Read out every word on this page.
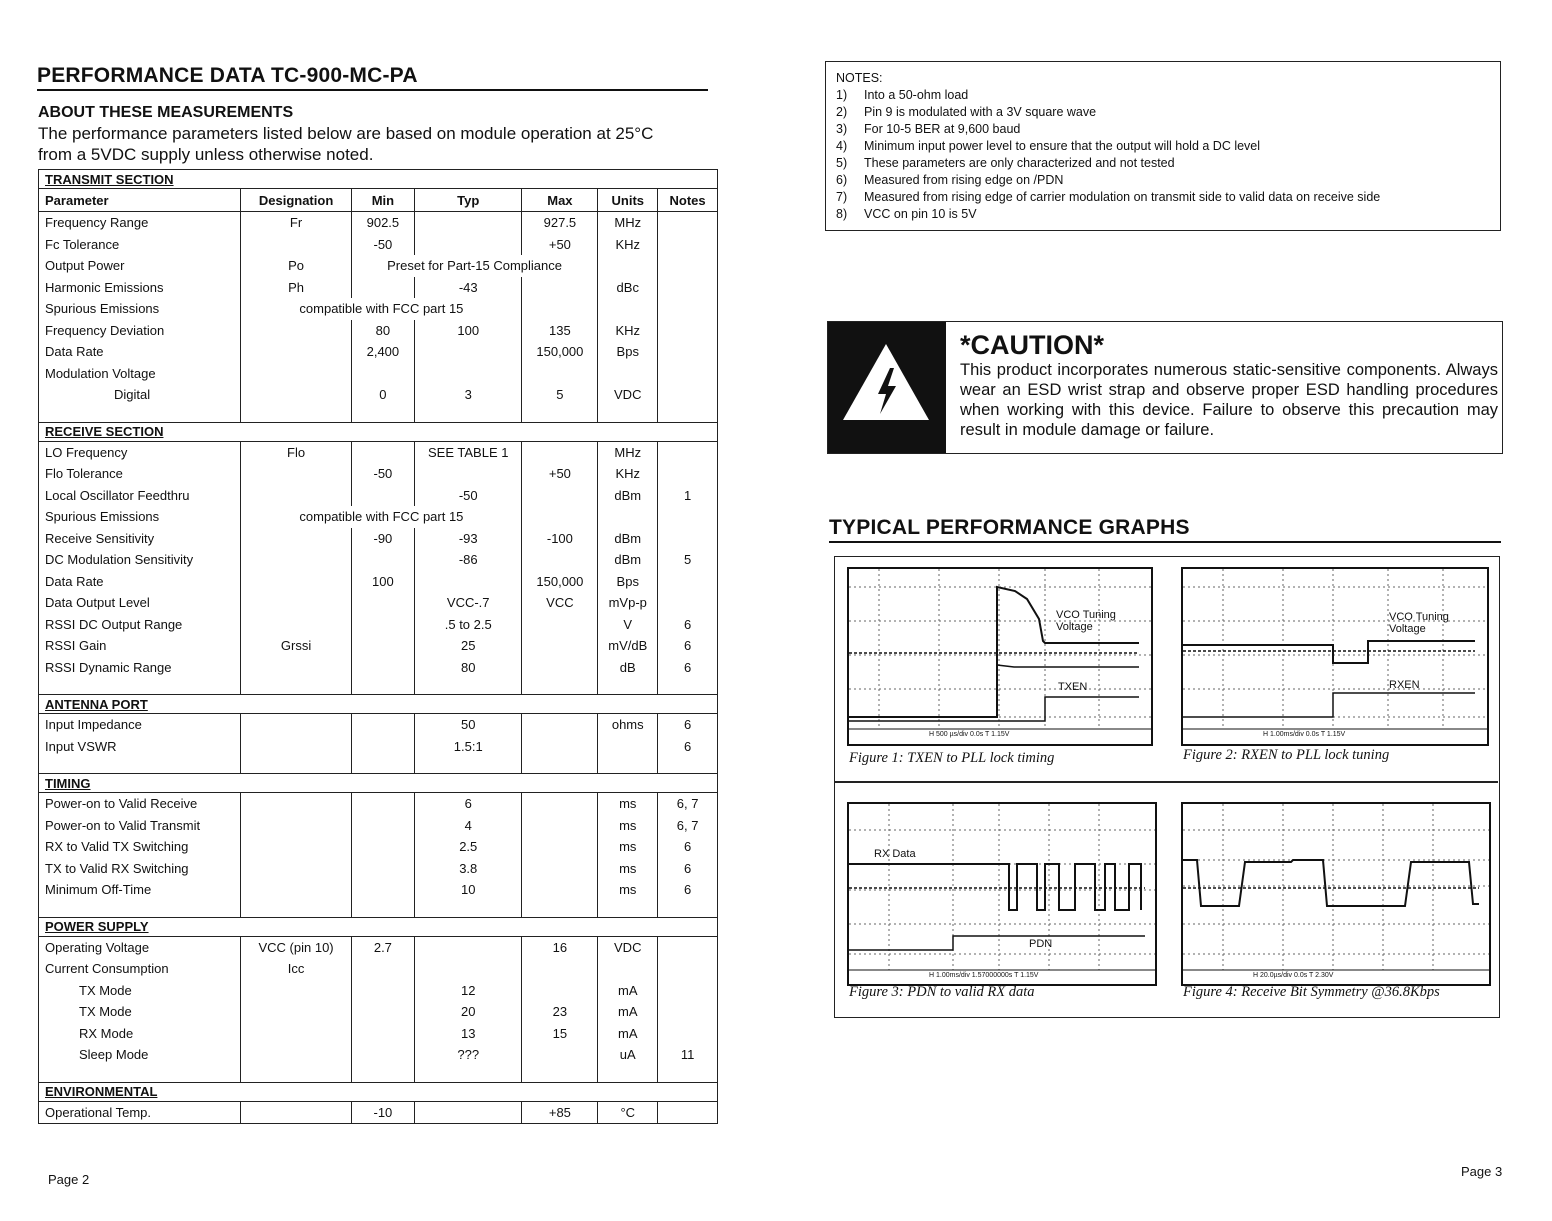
PERFORMANCE DATA TC-900-MC-PA
ABOUT THESE MEASUREMENTS
The performance parameters listed below are based on module operation at 25°C
from a 5VDC supply unless otherwise noted.
TRANSMIT SECTION						
Parameter	Designation	Min	Typ	Max	Units	Notes
Frequency Range	Fr	902.5		927.5	MHz	
Fc Tolerance		-50		+50	KHz	
Output Power	Po	Preset for Part-15 Compliance				
Harmonic Emissions	Ph		-43		dBc	
Spurious Emissions	compatible with FCC part 15					
Frequency Deviation		80	100	135	KHz	
Data Rate		2,400		150,000	Bps	
Modulation Voltage						
Digital		0	3	5	VDC	

RECEIVE SECTION						
LO Frequency	Flo		SEE TABLE 1		MHz	
Flo Tolerance		-50		+50	KHz	
Local Oscillator Feedthru			-50		dBm	1
Spurious Emissions	compatible with FCC part 15					
Receive Sensitivity		-90	-93	-100	dBm	
DC Modulation Sensitivity			-86		dBm	5
Data Rate		100		150,000	Bps	
Data Output Level			VCC-.7	VCC	mVp-p	
RSSI DC Output Range			.5 to 2.5		V	6
RSSI Gain	Grssi		25		mV/dB	6
RSSI Dynamic Range			80		dB	6

ANTENNA PORT						
Input Impedance			50		ohms	6
Input VSWR			1.5:1			6

TIMING						
Power-on to Valid Receive			6		ms	6, 7
Power-on to Valid Transmit			4		ms	6, 7
RX to Valid TX Switching			2.5		ms	6
TX to Valid RX Switching			3.8		ms	6
Minimum Off-Time			10		ms	6

POWER SUPPLY						
Operating Voltage	VCC (pin 10)	2.7		16	VDC	
Current Consumption	Icc					
TX Mode			12		mA	
TX Mode			20	23	mA	
RX Mode			13	15	mA	
Sleep Mode			???		uA	11

ENVIRONMENTAL						
Operational Temp.		-10		+85	°C	
Page 2
NOTES:
1)	Into a 50-ohm load
2)	Pin 9 is modulated with a 3V square wave
3)	For 10-5 BER at 9,600 baud
4)	Minimum input power level to ensure that the output will hold a DC level
5)	These parameters are only characterized and not tested
6)	Measured from rising edge on /PDN
7)	Measured from rising edge of carrier modulation on transmit side to valid data on receive side
8)	VCC on pin 10 is 5V
*CAUTION*
This product incorporates numerous static-sensitive components. Always wear an ESD wrist strap and observe proper ESD handling procedures when working with this device. Failure to observe this precaution may result in module damage or failure.
TYPICAL PERFORMANCE GRAPHS
VCO Tuning
Voltage
TXEN
H 500 µs/div 0.0s T 1.15V
Figure 1: TXEN to PLL lock timing
VCO Tuning
Voltage
RXEN
H 1.00ms/div 0.0s T 1.15V
Figure 2: RXEN to PLL lock tuning
RX Data
PDN
H 1.00ms/div 1.57000000s T 1.15V
Figure 3: PDN to valid RX data
H 20.0µs/div 0.0s T 2.30V
Figure 4: Receive Bit Symmetry @36.8Kbps
Page 3
